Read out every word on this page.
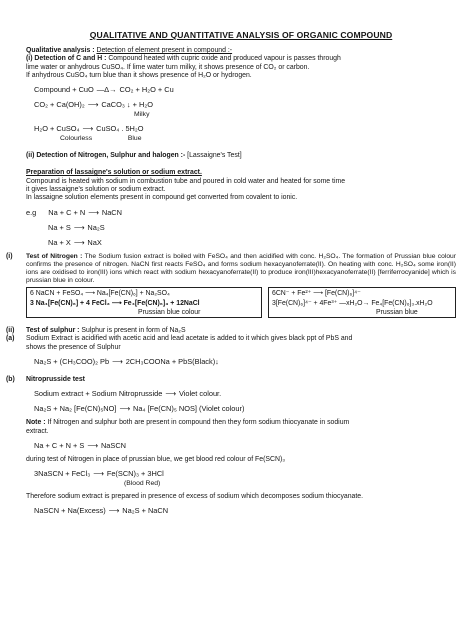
QUALITATIVE AND QUANTITATIVE ANALYSIS OF ORGANIC COMPOUND
Qualitative analysis : Detection of element present in compound :-
(i) Detection of C and H : Compound heated with cupric oxide and produced vapour is passes through
lime water or anhydrous CuSO₄. If lime water turn milky, it shows presence of CO₂ or carbon.
If anhydrous CuSO₄ turn blue than it shows presence of H₂O or hydrogen.
Compound + CuO —Δ→ CO₂ + H₂O + Cu
CO₂ + Ca(OH)₂ ⟶ CaCO₃ ↓ + H₂O
Milky
H₂O + CuSO₄ ⟶ CuSO₄ . 5H₂O
Colourless	Blue
(ii) Detection of Nitrogen, Sulphur and halogen :- [Lassaigne's Test]
Preparation of lassaigne's solution or sodium extract.
Compound is heated with sodium in combustion tube and poured in cold water and heated for some time
it gives lassaigne's solution or sodium extract.
In lassaigne solution elements present in compound get converted from covalent to ionic.
e.g Na + C + N ⟶ NaCN
Na + S ⟶ Na₂S
Na + X ⟶ NaX
(i) Test of Nitrogen : The Sodium fusion extract is boiled with FeSO₄ and then acidified with conc. H₂SO₄. The formation of Prussian blue colour confirms the presence of nitrogen. NaCN first reacts FeSO₄ and forms sodium hexacyanoferrate(II). On heating with conc. H₂SO₄ some iron(II) ions are oxidised to iron(III) ions which react with sodium hexacyanoferrate(II) to produce iron(III)hexacyanoferrate(II) [ferriferrocyanide] which is prussian blue in colour.
6 NaCN + FeSO₄ ⟶ Na₄[Fe(CN)₆] + Na₂SO₄
3 Na₄[Fe(CN)₆] + 4 FeCl₃ ⟶ Fe₄[Fe(CN)₆]₃ + 12NaCl
Prussian blue colour
6CN⁻ + Fe²⁺ ⟶ [Fe(CN)₆]⁴⁻
3[Fe(CN)₆]⁴⁻ + 4Fe³⁺ —xH₂O→ Fe₄[Fe(CN)₆]₃.xH₂O
Prussian blue
(ii) Test of sulphur : Sulphur is present in form of Na₂S
(a) Sodium Extract is acidified with acetic acid and lead acetate is added to it which gives black ppt of PbS and
shows the presence of Sulphur
Na₂S + (CH₃COO)₂ Pb ⟶ 2CH₃COONa + PbS(Black)↓
(b) Nitroprusside test
Sodium extract + Sodium Nitroprusside ⟶ Violet colour.
Na₂S + Na₂ [Fe(CN)₅NO] ⟶ Na₄ [Fe(CN)₅ NOS] (Violet colour)
Note : If Nitrogen and sulphur both are present in compound then they form sodium thiocyanate in sodium
extract.
Na + C + N + S ⟶ NaSCN
during test of Nitrogen in place of prussian blue, we get blood red colour of Fe(SCN)₃
3NaSCN + FeCl₃ ⟶ Fe(SCN)₃ + 3HCl
(Blood Red)
Therefore sodium extract is prepared in presence of excess of sodium which decomposes sodium thiocyanate.
NaSCN + Na(Excess) ⟶ Na₂S + NaCN
